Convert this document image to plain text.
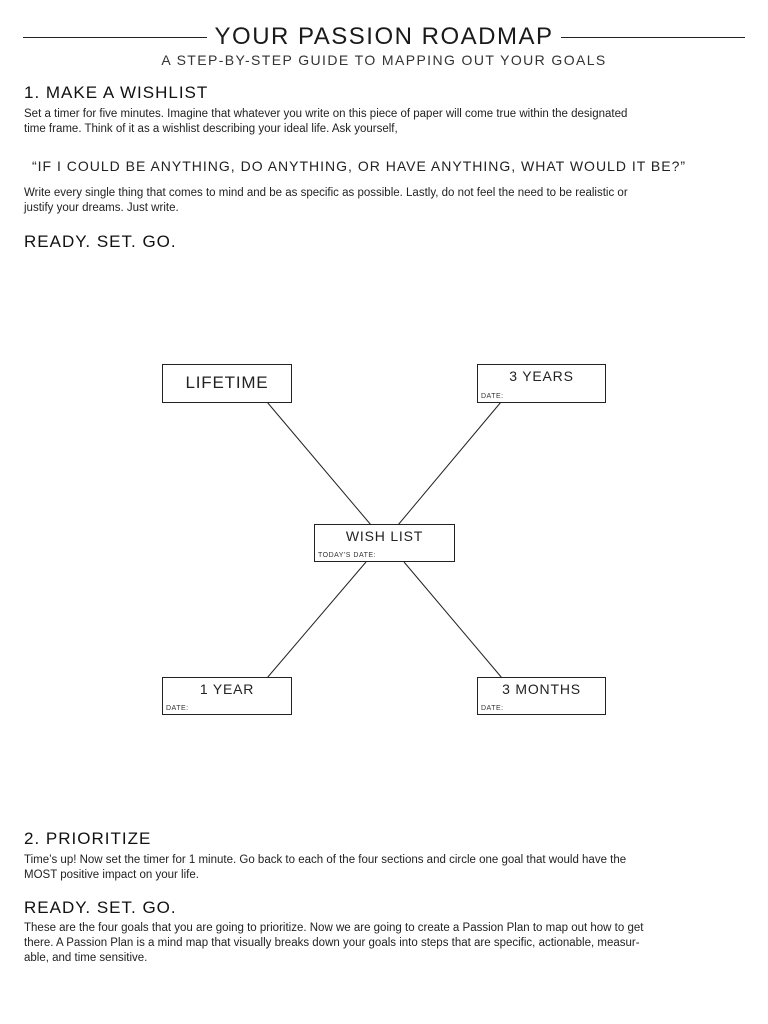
YOUR PASSION ROADMAP
A STEP-BY-STEP GUIDE TO MAPPING OUT YOUR GOALS
1. MAKE A WISHLIST
Set a timer for five minutes. Imagine that whatever you write on this piece of paper will come true within the designated
time frame. Think of it as a wishlist describing your ideal life. Ask yourself,
“IF I COULD BE ANYTHING, DO ANYTHING, OR HAVE ANYTHING, WHAT WOULD IT BE?”
Write every single thing that comes to mind and be as specific as possible. Lastly, do not feel the need to be realistic or
justify your dreams. Just write.
READY. SET. GO.
LIFETIME	3 YEARS
DATE:
WISH LIST
TODAY'S DATE:
1 YEAR
DATE:
3 MONTHS
DATE:
2. PRIORITIZE
Time’s up! Now set the timer for 1 minute. Go back to each of the four sections and circle one goal that would have the
MOST positive impact on your life.
READY. SET. GO.
These are the four goals that you are going to prioritize. Now we are going to create a Passion Plan to map out how to get
there. A Passion Plan is a mind map that visually breaks down your goals into steps that are specific, actionable, measur-
able, and time sensitive.
